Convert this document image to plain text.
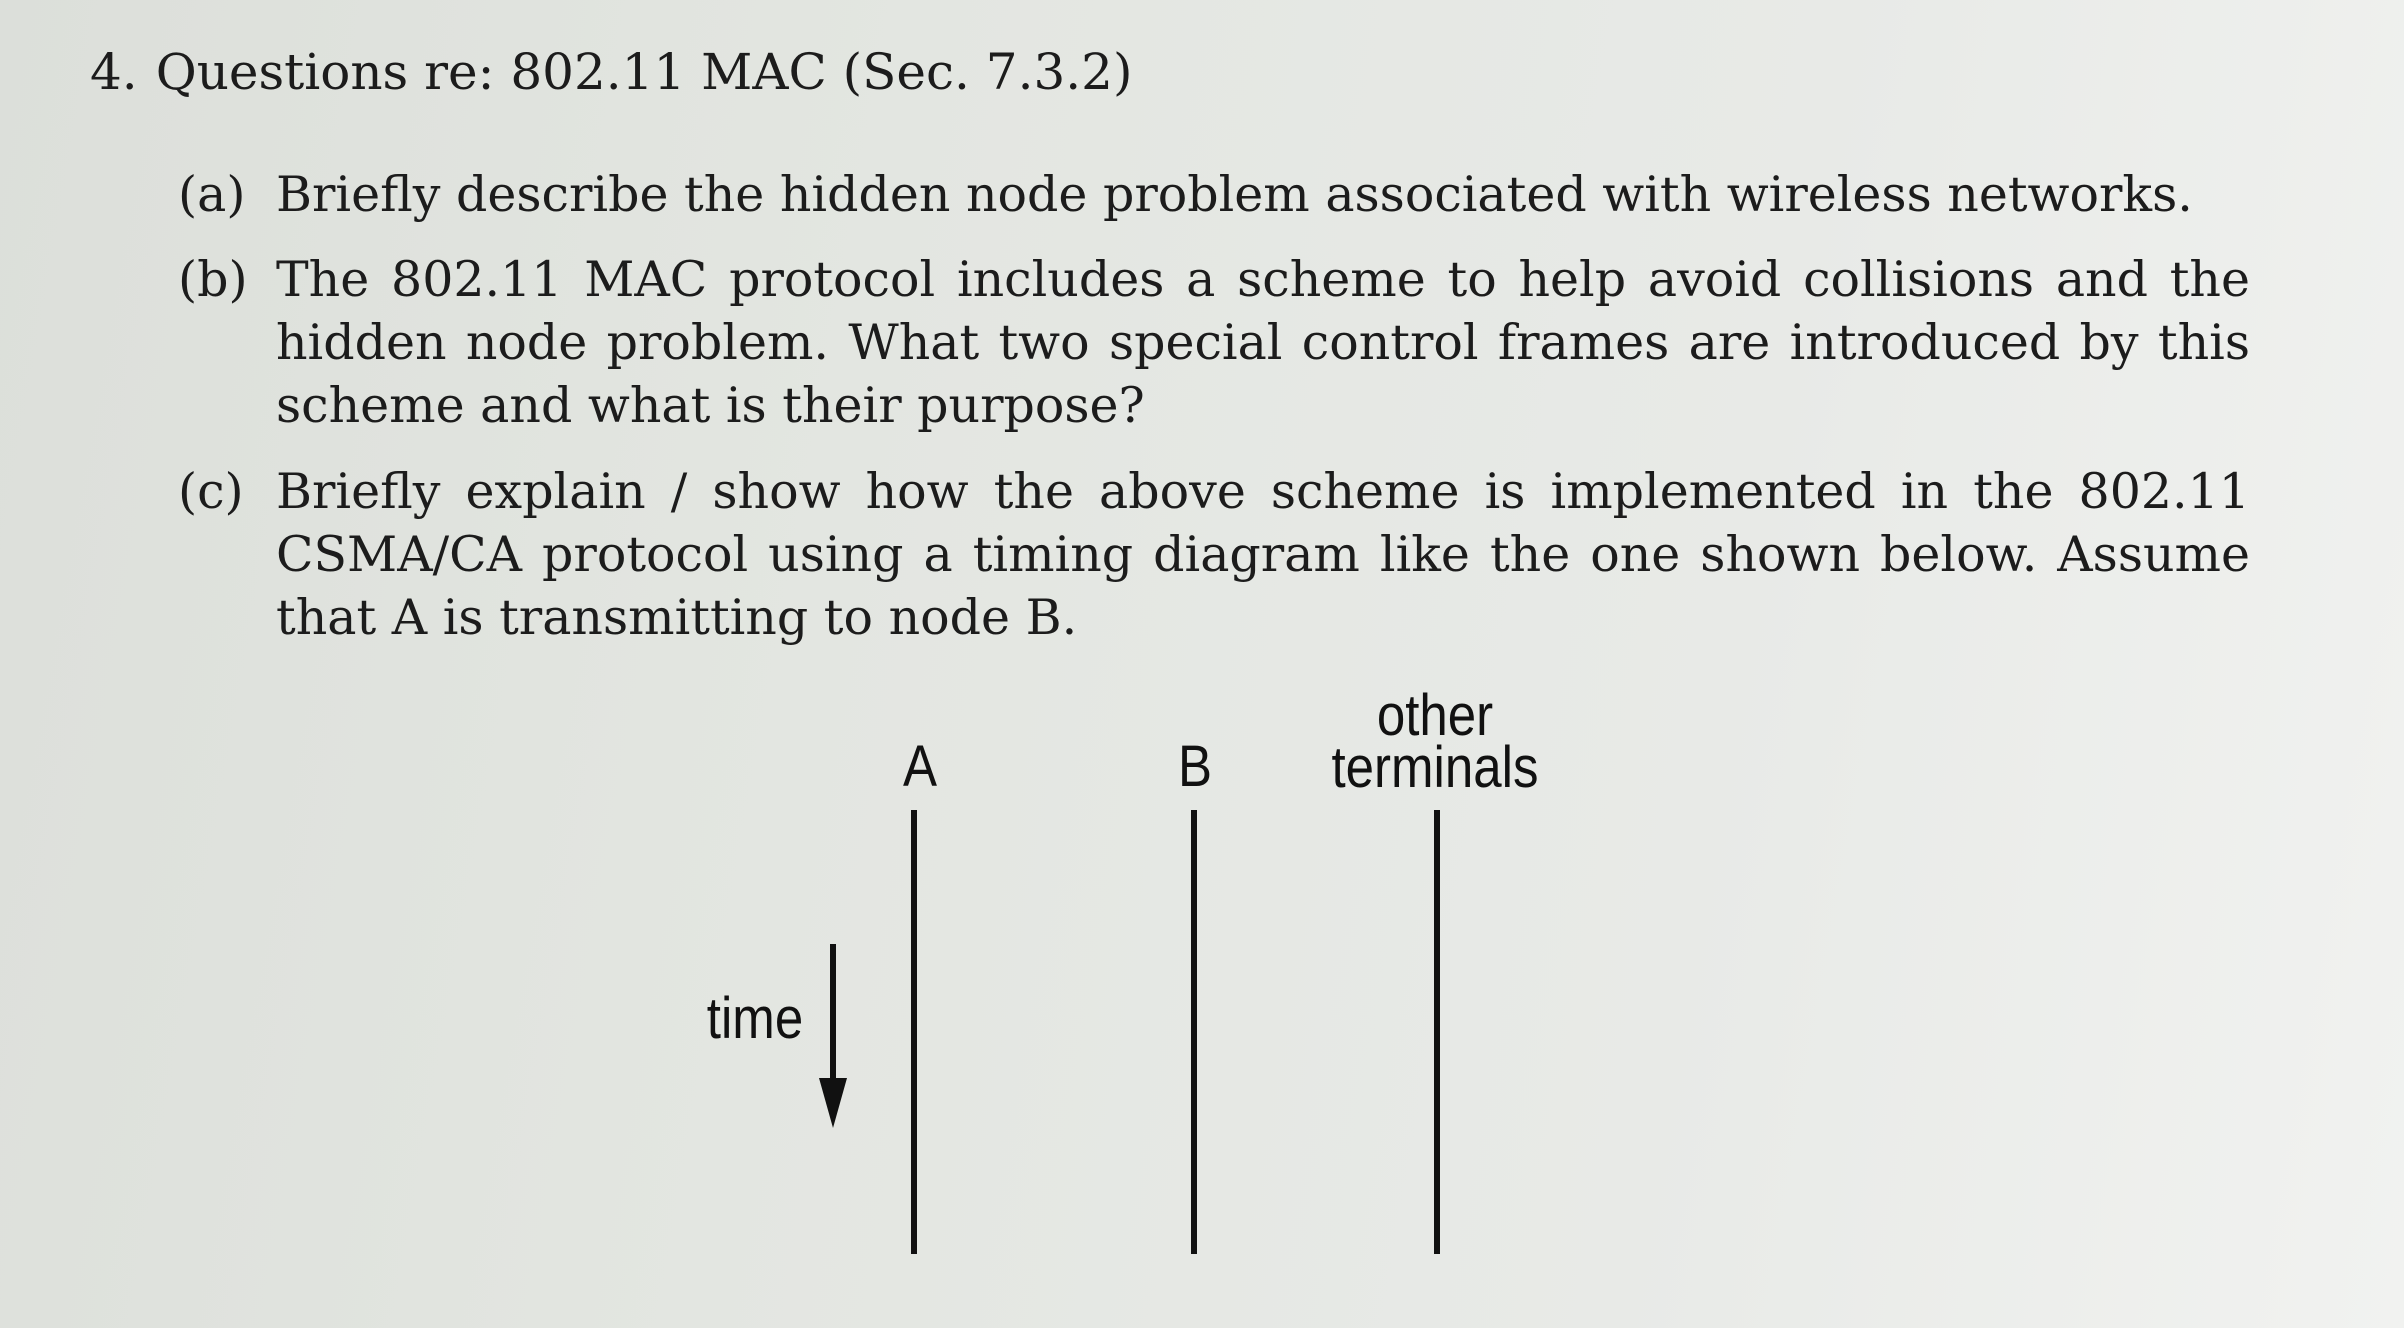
4. Questions re: 802.11 MAC (Sec. 7.3.2)
(a) Briefly describe the hidden node problem associated with wireless networks.
(b) The 802.11 MAC protocol includes a scheme to help avoid collisions and the hidden node problem. What two special control frames are introduced by this scheme and what is their purpose?
(c) Briefly explain / show how the above scheme is implemented in the 802.11 CSMA/CA protocol using a timing diagram like the one shown below. Assume that A is transmitting to node B.
A	B
other
terminals
time
